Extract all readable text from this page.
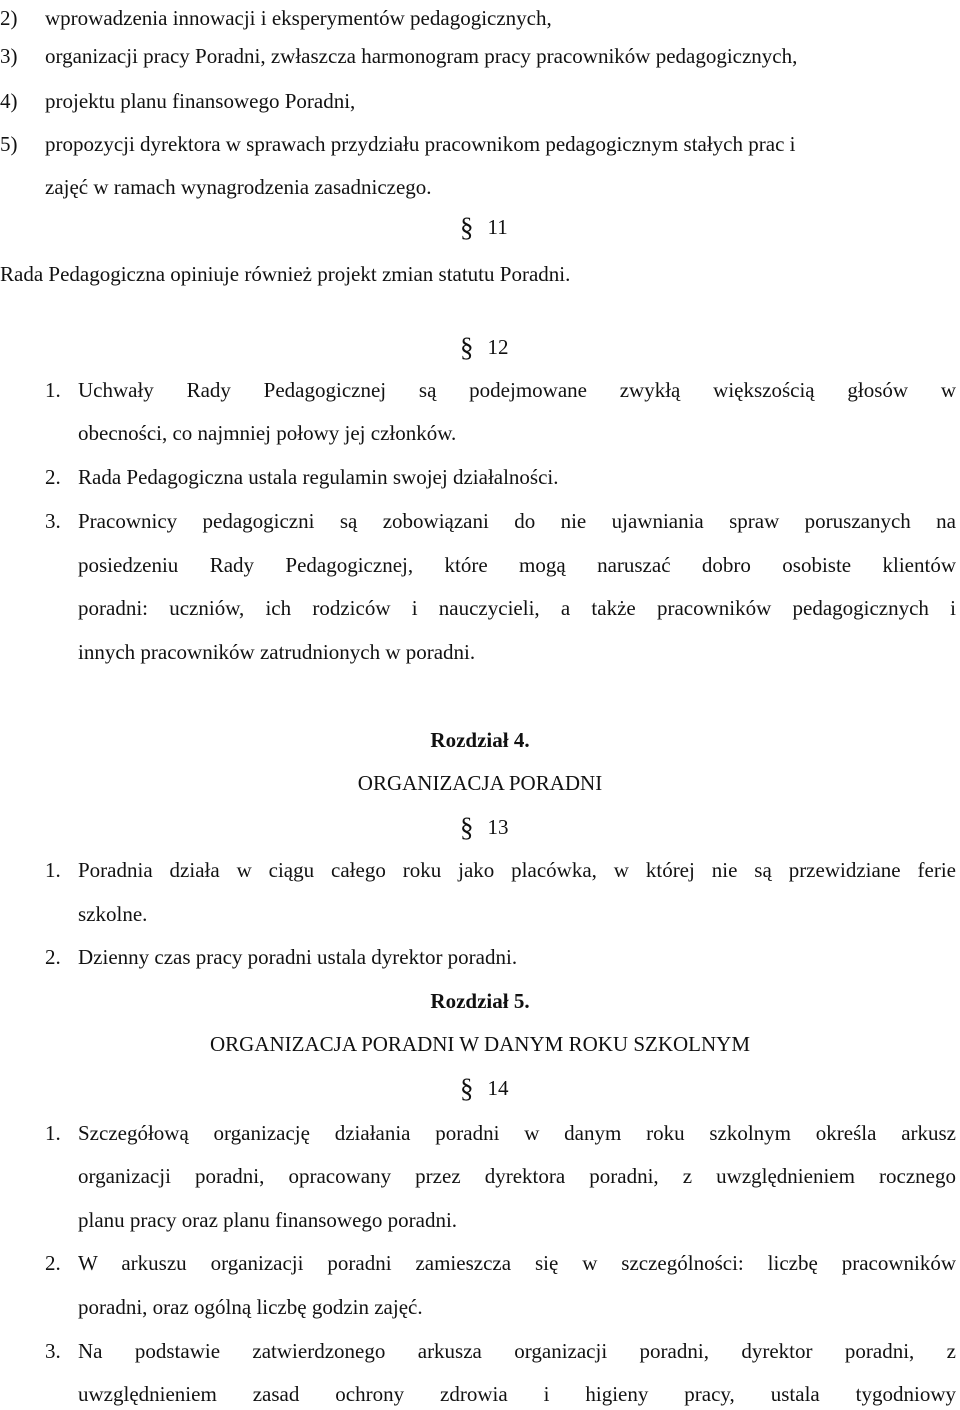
2) wprowadzenia innowacji i eksperymentów pedagogicznych,
3) organizacji pracy Poradni, zwłaszcza harmonogram pracy pracowników pedagogicznych,
4) projektu planu finansowego Poradni,
5) propozycji dyrektora w sprawach przydziału pracownikom pedagogicznym stałych prac i
zajęć w ramach wynagrodzenia zasadniczego.
§ 11
Rada Pedagogiczna opiniuje również projekt zmian statutu Poradni.
§ 12
1. Uchwały Rady Pedagogicznej są podejmowane zwykłą większością głosów w
obecności, co najmniej połowy jej członków.
2. Rada Pedagogiczna ustala regulamin swojej działalności.
3. Pracownicy pedagogiczni są zobowiązani do nie ujawniania spraw poruszanych na
posiedzeniu Rady Pedagogicznej, które mogą naruszać dobro osobiste klientów
poradni: uczniów, ich rodziców i nauczycieli, a także pracowników pedagogicznych i
innych pracowników zatrudnionych w poradni.
Rozdział 4.
ORGANIZACJA PORADNI
§ 13
1. Poradnia działa w ciągu całego roku jako placówka, w której nie są przewidziane ferie
szkolne.
2. Dzienny czas pracy poradni ustala dyrektor poradni.
Rozdział 5.
ORGANIZACJA PORADNI W DANYM ROKU SZKOLNYM
§ 14
1. Szczegółową organizację działania poradni w danym roku szkolnym określa arkusz
organizacji poradni, opracowany przez dyrektora poradni, z uwzględnieniem rocznego
planu pracy oraz planu finansowego poradni.
2. W arkuszu organizacji poradni zamieszcza się w szczególności: liczbę pracowników
poradni, oraz ogólną liczbę godzin zajęć.
3. Na podstawie zatwierdzonego arkusza organizacji poradni, dyrektor poradni, z
uwzględnieniem zasad ochrony zdrowia i higieny pracy, ustala tygodniowy
